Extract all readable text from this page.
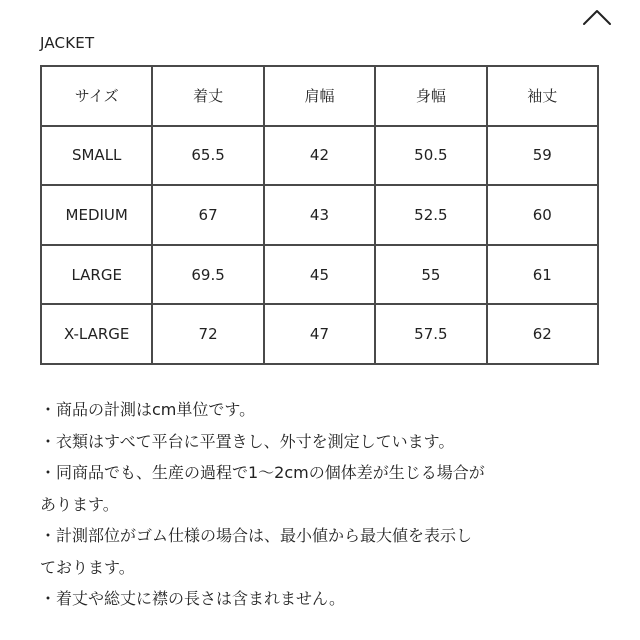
JACKET
サイズ	着丈	肩幅	身幅	袖丈
SMALL	65.5	42	50.5	59
MEDIUM	67	43	52.5	60
LARGE	69.5	45	55	61
X-LARGE	72	47	57.5	62
・商品の計測はcm単位です。
・衣類はすべて平台に平置きし、外寸を測定しています。
・同商品でも、生産の過程で1〜2cmの個体差が生じる場合が
あります。
・計測部位がゴム仕様の場合は、最小値から最大値を表示し
ております。
・着丈や総丈に襟の長さは含まれません。
